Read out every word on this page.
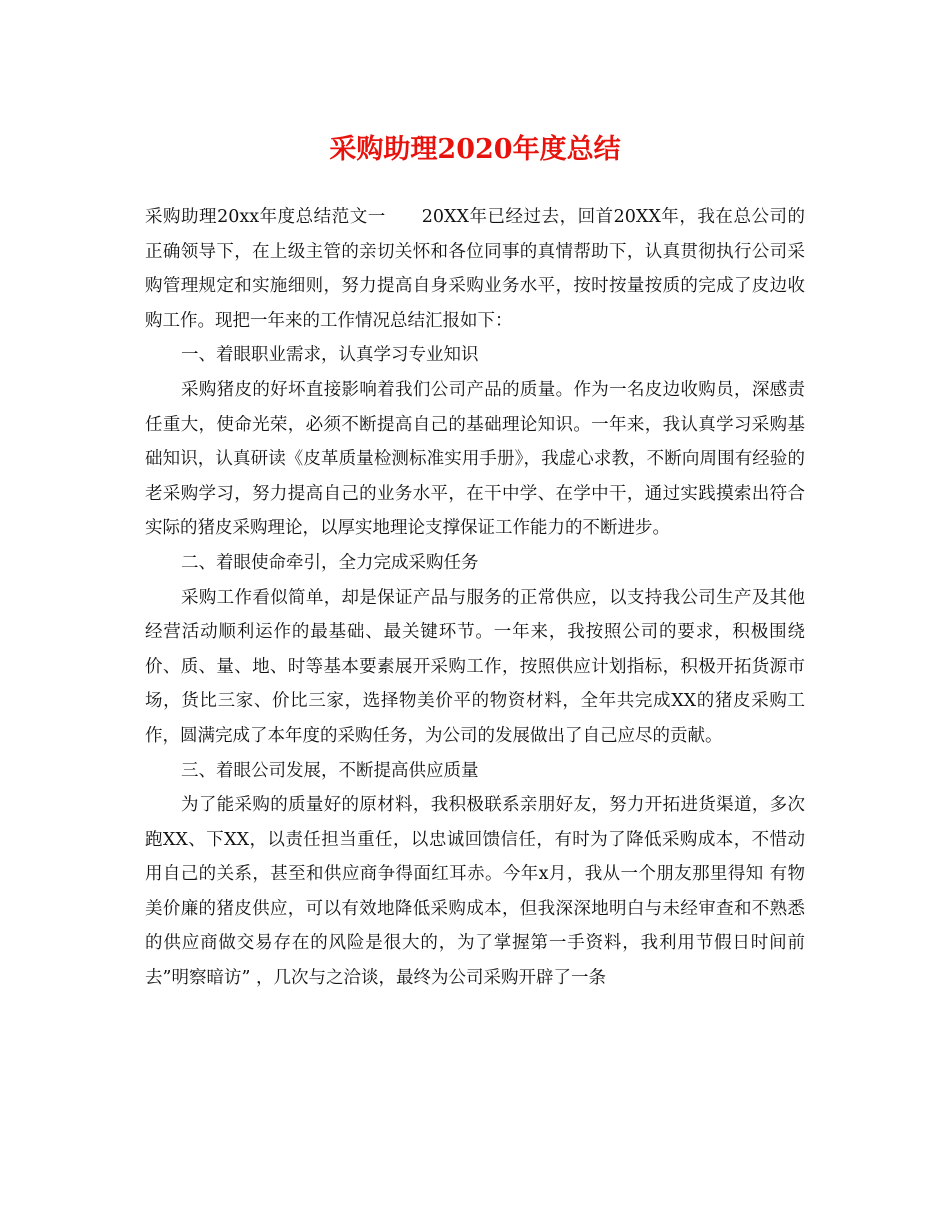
采购助理2020年度总结

采购助理20xx年度总结范文一　　20XX年已经过去，回首20XX年，我在总公司的正确领导下，在上级主管的亲切关怀和各位同事的真情帮助下，认真贯彻执行公司采购管理规定和实施细则，努力提高自身采购业务水平，按时按量按质的完成了皮边收购工作。现把一年来的工作情况总结汇报如下：

一、着眼职业需求，认真学习专业知识

采购猪皮的好坏直接影响着我们公司产品的质量。作为一名皮边收购员，深感责任重大，使命光荣，必须不断提高自己的基础理论知识。一年来，我认真学习采购基础知识，认真研读《皮革质量检测标准实用手册》，我虚心求教，不断向周围有经验的老采购学习，努力提高自己的业务水平，在干中学、在学中干，通过实践摸索出符合实际的猪皮采购理论，以厚实地理论支撑保证工作能力的不断进步。

二、着眼使命牵引，全力完成采购任务

采购工作看似简单，却是保证产品与服务的正常供应，以支持我公司生产及其他经营活动顺利运作的最基础、最关键环节。一年来，我按照公司的要求，积极围绕价、质、量、地、时等基本要素展开采购工作，按照供应计划指标，积极开拓货源市场，货比三家、价比三家，选择物美价平的物资材料，全年共完成XX的猪皮采购工作，圆满完成了本年度的采购任务，为公司的发展做出了自己应尽的贡献。

三、着眼公司发展，不断提高供应质量

为了能采购的质量好的原材料，我积极联系亲朋好友，努力开拓进货渠道，多次跑XX、下XX，以责任担当重任，以忠诚回馈信任，有时为了降低采购成本，不惜动用自己的关系，甚至和供应商争得面红耳赤。今年x月，我从一个朋友那里得知 有物美价廉的猪皮供应，可以有效地降低采购成本，但我深深地明白与未经审查和不熟悉的供应商做交易存在的风险是很大的，为了掌握第一手资料，我利用节假日时间前去”明察暗访” ，几次与之洽谈，最终为公司采购开辟了一条
